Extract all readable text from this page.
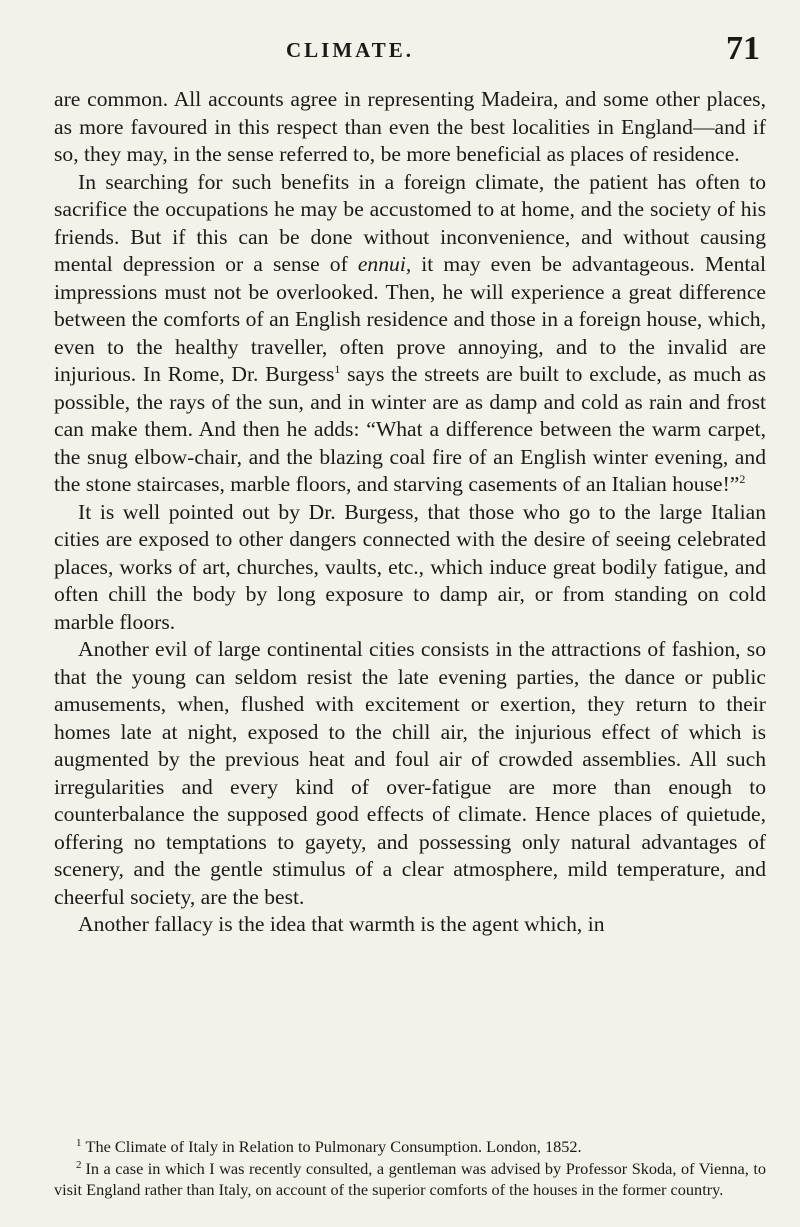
CLIMATE.	71

are common. All accounts agree in representing Madeira, and some other places, as more favoured in this respect than even the best localities in England—and if so, they may, in the sense referred to, be more beneficial as places of residence.

In searching for such benefits in a foreign climate, the patient has often to sacrifice the occupations he may be accustomed to at home, and the society of his friends. But if this can be done without inconvenience, and without causing mental depression or a sense of ennui, it may even be advantageous. Mental impressions must not be overlooked. Then, he will experience a great difference between the comforts of an English residence and those in a foreign house, which, even to the healthy traveller, often prove annoying, and to the invalid are injurious. In Rome, Dr. Burgess$^1$ says the streets are built to exclude, as much as possible, the rays of the sun, and in winter are as damp and cold as rain and frost can make them. And then he adds: “What a difference between the warm carpet, the snug elbow-chair, and the blazing coal fire of an English winter evening, and the stone staircases, marble floors, and starving casements of an Italian house!”$^2$

It is well pointed out by Dr. Burgess, that those who go to the large Italian cities are exposed to other dangers connected with the desire of seeing celebrated places, works of art, churches, vaults, etc., which induce great bodily fatigue, and often chill the body by long exposure to damp air, or from standing on cold marble floors.

Another evil of large continental cities consists in the attractions of fashion, so that the young can seldom resist the late evening parties, the dance or public amusements, when, flushed with excitement or exertion, they return to their homes late at night, exposed to the chill air, the injurious effect of which is augmented by the previous heat and foul air of crowded assemblies. All such irregularities and every kind of over-fatigue are more than enough to counterbalance the supposed good effects of climate. Hence places of quietude, offering no temptations to gayety, and possessing only natural advantages of scenery, and the gentle stimulus of a clear atmosphere, mild temperature, and cheerful society, are the best.

Another fallacy is the idea that warmth is the agent which, in

$^1$ The Climate of Italy in Relation to Pulmonary Consumption. London, 1852.

$^2$ In a case in which I was recently consulted, a gentleman was advised by Professor Skoda, of Vienna, to visit England rather than Italy, on account of the superior comforts of the houses in the former country.
